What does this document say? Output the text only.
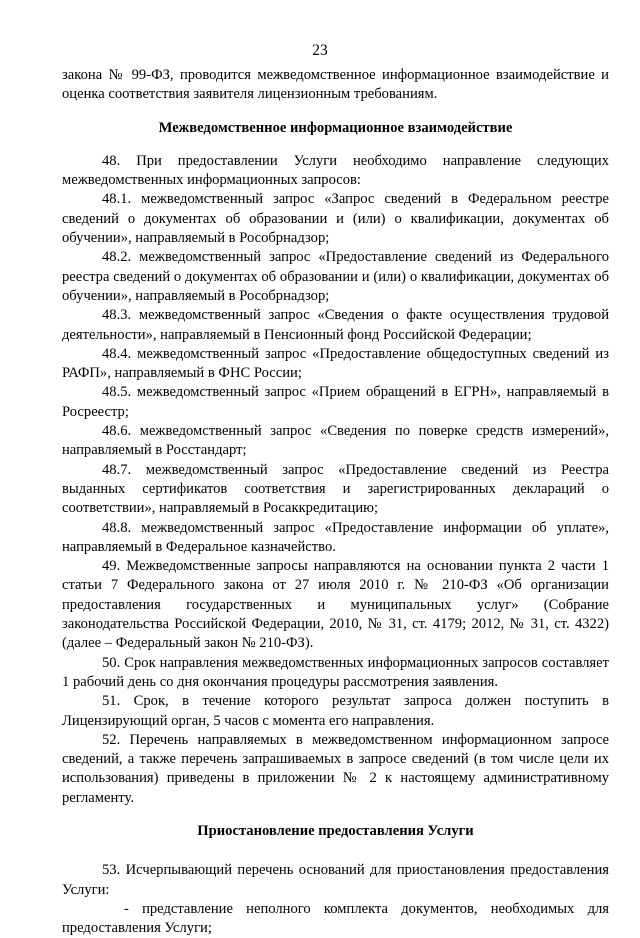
23

закона № 99-ФЗ, проводится межведомственное информационное взаимодействие и оценка соответствия заявителя лицензионным требованиям.

Межведомственное информационное взаимодействие

48. При предоставлении Услуги необходимо направление следующих межведомственных информационных запросов:

48.1. межведомственный запрос «Запрос сведений в Федеральном реестре сведений о документах об образовании и (или) о квалификации, документах об обучении», направляемый в Рособрнадзор;

48.2. межведомственный запрос «Предоставление сведений из Федерального реестра сведений о документах об образовании и (или) о квалификации, документах об обучении», направляемый в Рособрнадзор;

48.3. межведомственный запрос «Сведения о факте осуществления трудовой деятельности», направляемый в Пенсионный фонд Российской Федерации;

48.4. межведомственный запрос «Предоставление общедоступных сведений из РАФП», направляемый в ФНС России;

48.5. межведомственный запрос «Прием обращений в ЕГРН», направляемый в Росреестр;

48.6. межведомственный запрос «Сведения по поверке средств измерений», направляемый в Росстандарт;

48.7. межведомственный запрос «Предоставление сведений из Реестра выданных сертификатов соответствия и зарегистрированных деклараций о соответствии», направляемый в Росаккредитацию;

48.8. межведомственный запрос «Предоставление информации об уплате», направляемый в Федеральное казначейство.

49. Межведомственные запросы направляются на основании пункта 2 части 1 статьи 7 Федерального закона от 27 июля 2010 г. № 210-ФЗ «Об организации предоставления государственных и муниципальных услуг» (Собрание законодательства Российской Федерации, 2010, № 31, ст. 4179; 2012, № 31, ст. 4322) (далее – Федеральный закон № 210-ФЗ).

50. Срок направления межведомственных информационных запросов составляет 1 рабочий день со дня окончания процедуры рассмотрения заявления.

51. Срок, в течение которого результат запроса должен поступить в Лицензирующий орган, 5 часов с момента его направления.

52. Перечень направляемых в межведомственном информационном запросе сведений, а также перечень запрашиваемых в запросе сведений (в том числе цели их использования) приведены в приложении № 2 к настоящему административному регламенту.

Приостановление предоставления Услуги

53. Исчерпывающий перечень оснований для приостановления предоставления Услуги:

- представление неполного комплекта документов, необходимых для предоставления Услуги;
